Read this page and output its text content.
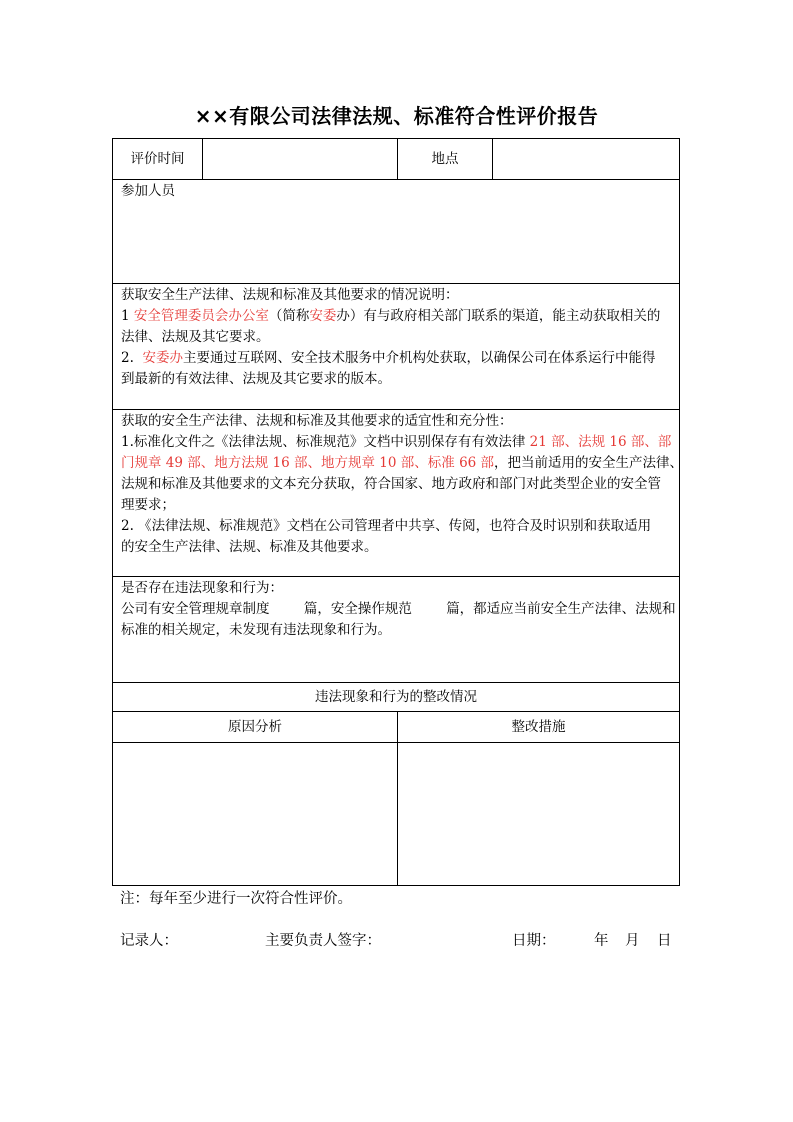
××有限公司法律法规、标准符合性评价报告
评价时间	地点
参加人员
获取安全生产法律、法规和标准及其他要求的情况说明：
1 安全管理委员会办公室（简称安委办）有与政府相关部门联系的渠道，能主动获取相关的
法律、法规及其它要求。
2. 安委办主要通过互联网、安全技术服务中介机构处获取，以确保公司在体系运行中能得
到最新的有效法律、法规及其它要求的版本。
获取的安全生产法律、法规和标准及其他要求的适宜性和充分性：
1.标准化文件之《法律法规、标准规范》文档中识别保存有有效法律 21 部、法规 16 部、部
门规章 49 部、地方法规 16 部、地方规章 10 部、标准 66 部，把当前适用的安全生产法律、
法规和标准及其他要求的文本充分获取，符合国家、地方政府和部门对此类型企业的安全管
理要求；
2. 《法律法规、标准规范》文档在公司管理者中共享、传阅，也符合及时识别和获取适用
的安全生产法律、法规、标准及其他要求。
是否存在违法现象和行为：
公司有安全管理规章制度	篇，安全操作规范	篇，都适应当前安全生产法律、法规和
标准的相关规定，未发现有违法现象和行为。
违法现象和行为的整改情况
原因分析	整改措施
注：每年至少进行一次符合性评价。
记录人：	主要负责人签字：	日期：	年 月 日
